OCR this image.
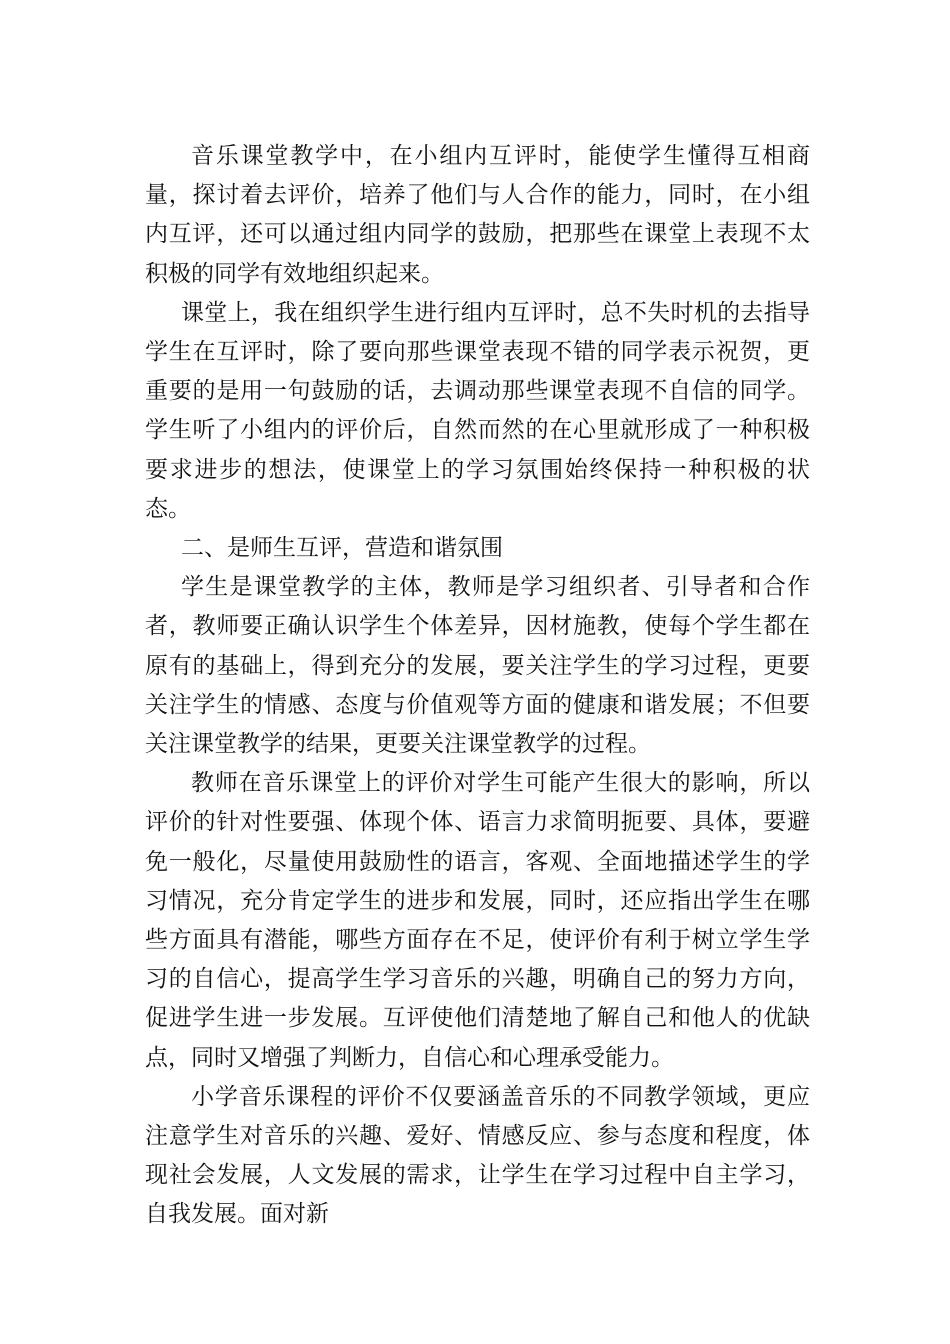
音乐课堂教学中，在小组内互评时，能使学生懂得互相商量，探讨着去评价，培养了他们与人合作的能力，同时，在小组内互评，还可以通过组内同学的鼓励，把那些在课堂上表现不太积极的同学有效地组织起来。

课堂上，我在组织学生进行组内互评时，总不失时机的去指导学生在互评时，除了要向那些课堂表现不错的同学表示祝贺，更重要的是用一句鼓励的话，去调动那些课堂表现不自信的同学。学生听了小组内的评价后，自然而然的在心里就形成了一种积极要求进步的想法，使课堂上的学习氛围始终保持一种积极的状态。

二、是师生互评，营造和谐氛围

学生是课堂教学的主体，教师是学习组织者、引导者和合作者，教师要正确认识学生个体差异，因材施教，使每个学生都在原有的基础上，得到充分的发展，要关注学生的学习过程，更要关注学生的情感、态度与价值观等方面的健康和谐发展；不但要关注课堂教学的结果，更要关注课堂教学的过程。

教师在音乐课堂上的评价对学生可能产生很大的影响，所以评价的针对性要强、体现个体、语言力求简明扼要、具体，要避免一般化，尽量使用鼓励性的语言，客观、全面地描述学生的学习情况，充分肯定学生的进步和发展，同时，还应指出学生在哪些方面具有潜能，哪些方面存在不足，使评价有利于树立学生学习的自信心，提高学生学习音乐的兴趣，明确自己的努力方向，促进学生进一步发展。互评使他们清楚地了解自己和他人的优缺点，同时又增强了判断力，自信心和心理承受能力。

小学音乐课程的评价不仅要涵盖音乐的不同教学领域，更应注意学生对音乐的兴趣、爱好、情感反应、参与态度和程度，体现社会发展，人文发展的需求，让学生在学习过程中自主学习，自我发展。面对新
